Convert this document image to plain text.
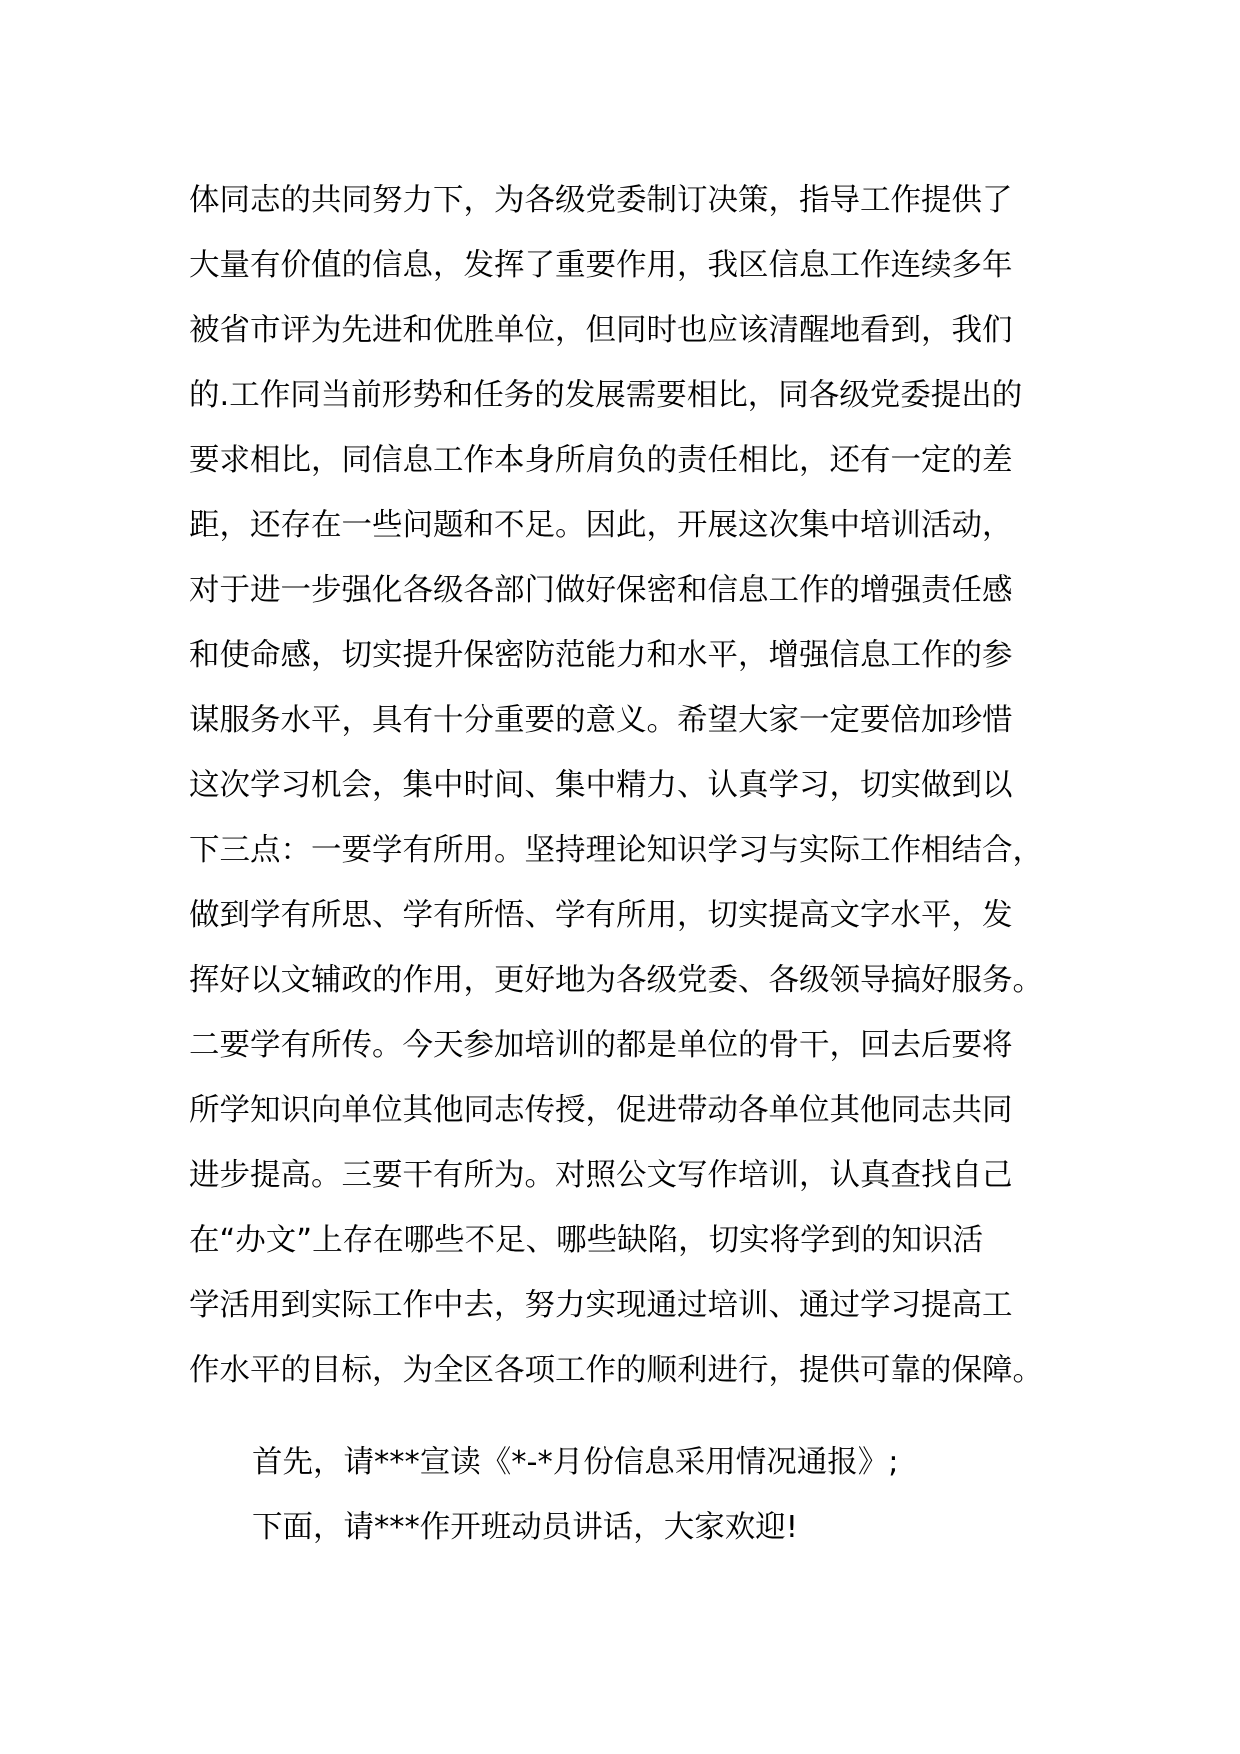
体同志的共同努力下，为各级党委制订决策，指导工作提供了
大量有价值的信息，发挥了重要作用，我区信息工作连续多年
被省市评为先进和优胜单位，但同时也应该清醒地看到，我们
的.工作同当前形势和任务的发展需要相比，同各级党委提出的
要求相比，同信息工作本身所肩负的责任相比，还有一定的差
距，还存在一些问题和不足。因此，开展这次集中培训活动，
对于进一步强化各级各部门做好保密和信息工作的增强责任感
和使命感，切实提升保密防范能力和水平，增强信息工作的参
谋服务水平，具有十分重要的意义。希望大家一定要倍加珍惜
这次学习机会，集中时间、集中精力、认真学习，切实做到以
下三点：一要学有所用。坚持理论知识学习与实际工作相结合，
做到学有所思、学有所悟、学有所用，切实提高文字水平，发
挥好以文辅政的作用，更好地为各级党委、各级领导搞好服务。
二要学有所传。今天参加培训的都是单位的骨干，回去后要将
所学知识向单位其他同志传授，促进带动各单位其他同志共同
进步提高。三要干有所为。对照公文写作培训，认真查找自己
在“办文”上存在哪些不足、哪些缺陷，切实将学到的知识活
学活用到实际工作中去，努力实现通过培训、通过学习提高工
作水平的目标，为全区各项工作的顺利进行，提供可靠的保障。
首先，请***宣读《*-*月份信息采用情况通报》;
下面，请***作开班动员讲话，大家欢迎!
